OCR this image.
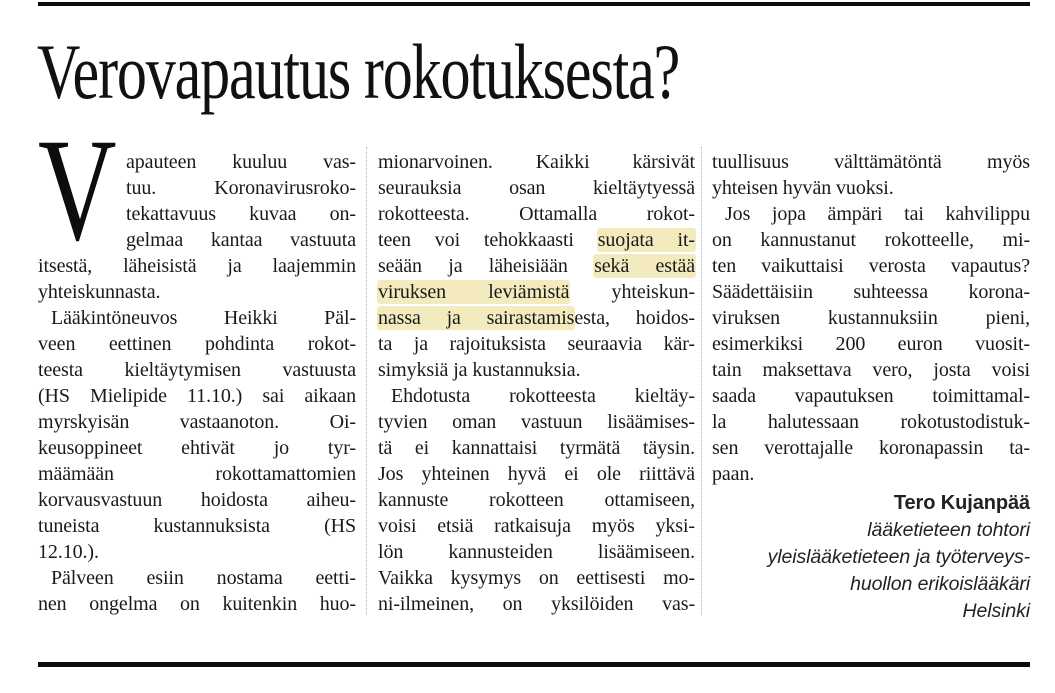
Verovapautus rokotuksesta?
V apauteen kuuluu vas-
tuu. Koronavirusroko-
tekattavuus kuvaa on-
gelmaa kantaa vastuuta
itsestä, läheisistä ja laajemmin
yhteiskunnasta.
Lääkintöneuvos Heikki Päl-
veen eettinen pohdinta rokot-
teesta kieltäytymisen vastuusta
(HS Mielipide 11.10.) sai aikaan
myrskyisän vastaanoton. Oi-
keusoppineet ehtivät jo tyr-
määmään rokottamattomien
korvausvastuun hoidosta aiheu-
tuneista kustannuksista (HS
12.10.).
Pälveen esiin nostama eetti-
nen ongelma on kuitenkin huo-
mionarvoinen. Kaikki kärsivät
seurauksia osan kieltäytyessä
rokotteesta. Ottamalla rokot-
teen voi tehokkaasti suojata it-
seään ja läheisiään sekä estää
viruksen leviämistä yhteiskun-
nassa ja sairastamisesta, hoidos-
ta ja rajoituksista seuraavia kär-
simyksiä ja kustannuksia.
Ehdotusta rokotteesta kieltäy-
tyvien oman vastuun lisäämises-
tä ei kannattaisi tyrmätä täysin.
Jos yhteinen hyvä ei ole riittävä
kannuste rokotteen ottamiseen,
voisi etsiä ratkaisuja myös yksi-
lön kannusteiden lisäämiseen.
Vaikka kysymys on eettisesti mo-
ni-ilmeinen, on yksilöiden vas-
tuullisuus välttämätöntä myös
yhteisen hyvän vuoksi.
Jos jopa ämpäri tai kahvilippu
on kannustanut rokotteelle, mi-
ten vaikuttaisi verosta vapautus?
Säädettäisiin suhteessa korona-
viruksen kustannuksiin pieni,
esimerkiksi 200 euron vuosit-
tain maksettava vero, josta voisi
saada vapautuksen toimittamal-
la halutessaan rokotustodistuk-
sen verottajalle koronapassin ta-
paan.
Tero Kujanpää
lääketieteen tohtori
yleislääketieteen ja työterveys-
huollon erikoislääkäri
Helsinki
